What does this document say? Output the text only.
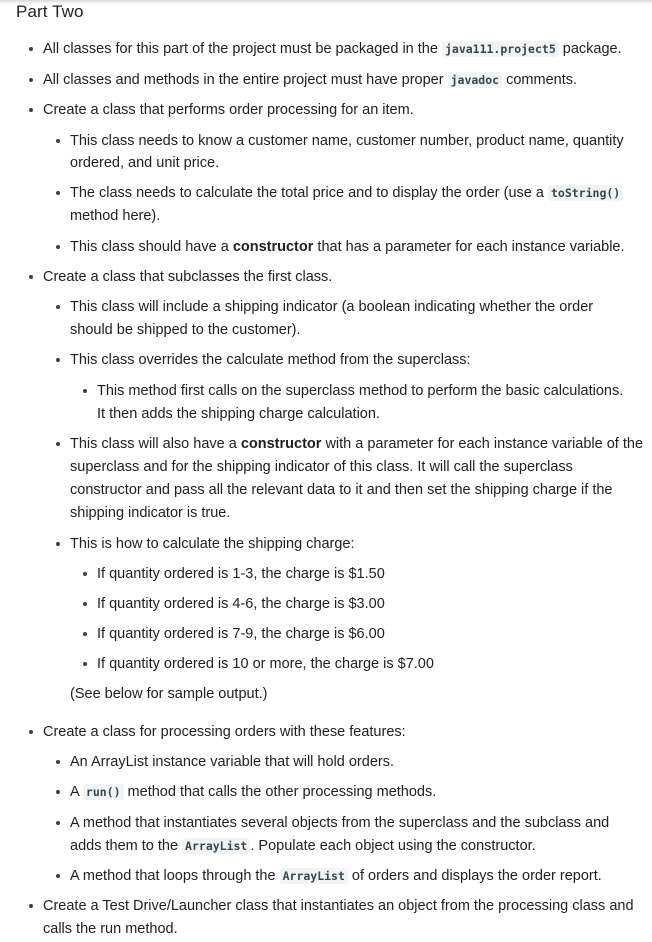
Part Two
All classes for this part of the project must be packaged in the java111.project5 package.
All classes and methods in the entire project must have proper javadoc comments.
Create a class that performs order processing for an item.
This class needs to know a customer name, customer number, product name, quantity
ordered, and unit price.
The class needs to calculate the total price and to display the order (use a toString()
method here).
This class should have a constructor that has a parameter for each instance variable.
Create a class that subclasses the first class.
This class will include a shipping indicator (a boolean indicating whether the order
should be shipped to the customer).
This class overrides the calculate method from the superclass:
This method first calls on the superclass method to perform the basic calculations.
It then adds the shipping charge calculation.
This class will also have a constructor with a parameter for each instance variable of the
superclass and for the shipping indicator of this class. It will call the superclass
constructor and pass all the relevant data to it and then set the shipping charge if the
shipping indicator is true.
This is how to calculate the shipping charge:
If quantity ordered is 1-3, the charge is $1.50
If quantity ordered is 4-6, the charge is $3.00
If quantity ordered is 7-9, the charge is $6.00
If quantity ordered is 10 or more, the charge is $7.00
(See below for sample output.)
Create a class for processing orders with these features:
An ArrayList instance variable that will hold orders.
A run() method that calls the other processing methods.
A method that instantiates several objects from the superclass and the subclass and
adds them to the ArrayList . Populate each object using the constructor.
A method that loops through the ArrayList of orders and displays the order report.
Create a Test Drive/Launcher class that instantiates an object from the processing class and
calls the run method.
